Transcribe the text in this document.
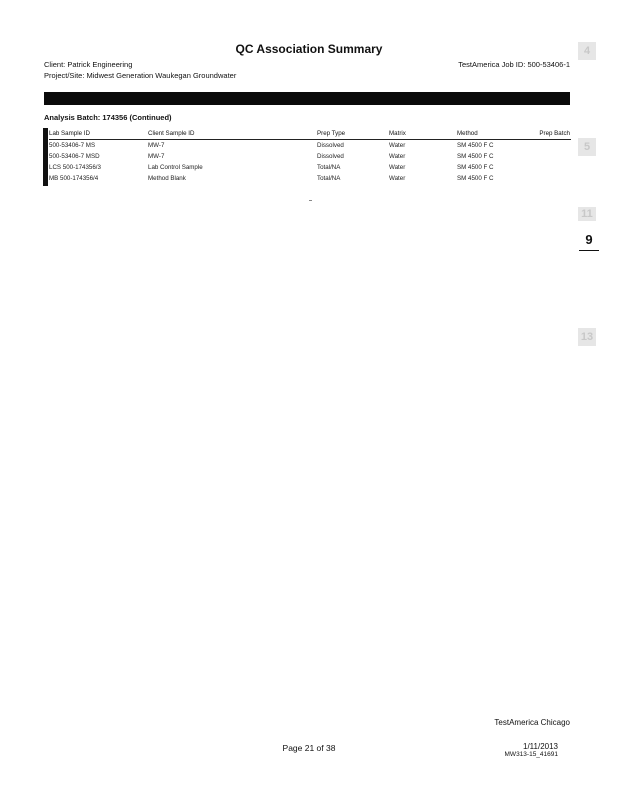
QC Association Summary
Client: Patrick Engineering
Project/Site: Midwest Generation Waukegan Groundwater
TestAmerica Job ID: 500-53406-1
Analysis Batch: 174356 (Continued)
Lab Sample ID	Client Sample ID	Prep Type	Matrix	Method	Prep Batch
500-53406-7 MS	MW-7	Dissolved	Water	SM 4500 F C	
500-53406-7 MSD	MW-7	Dissolved	Water	SM 4500 F C	
LCS 500-174356/3	Lab Control Sample	Total/NA	Water	SM 4500 F C	
MB 500-174356/4	Method Blank	Total/NA	Water	SM 4500 F C	
4
5
11
9
13
TestAmerica Chicago
Page 21 of 38	1/11/2013
MW313-15_41691
